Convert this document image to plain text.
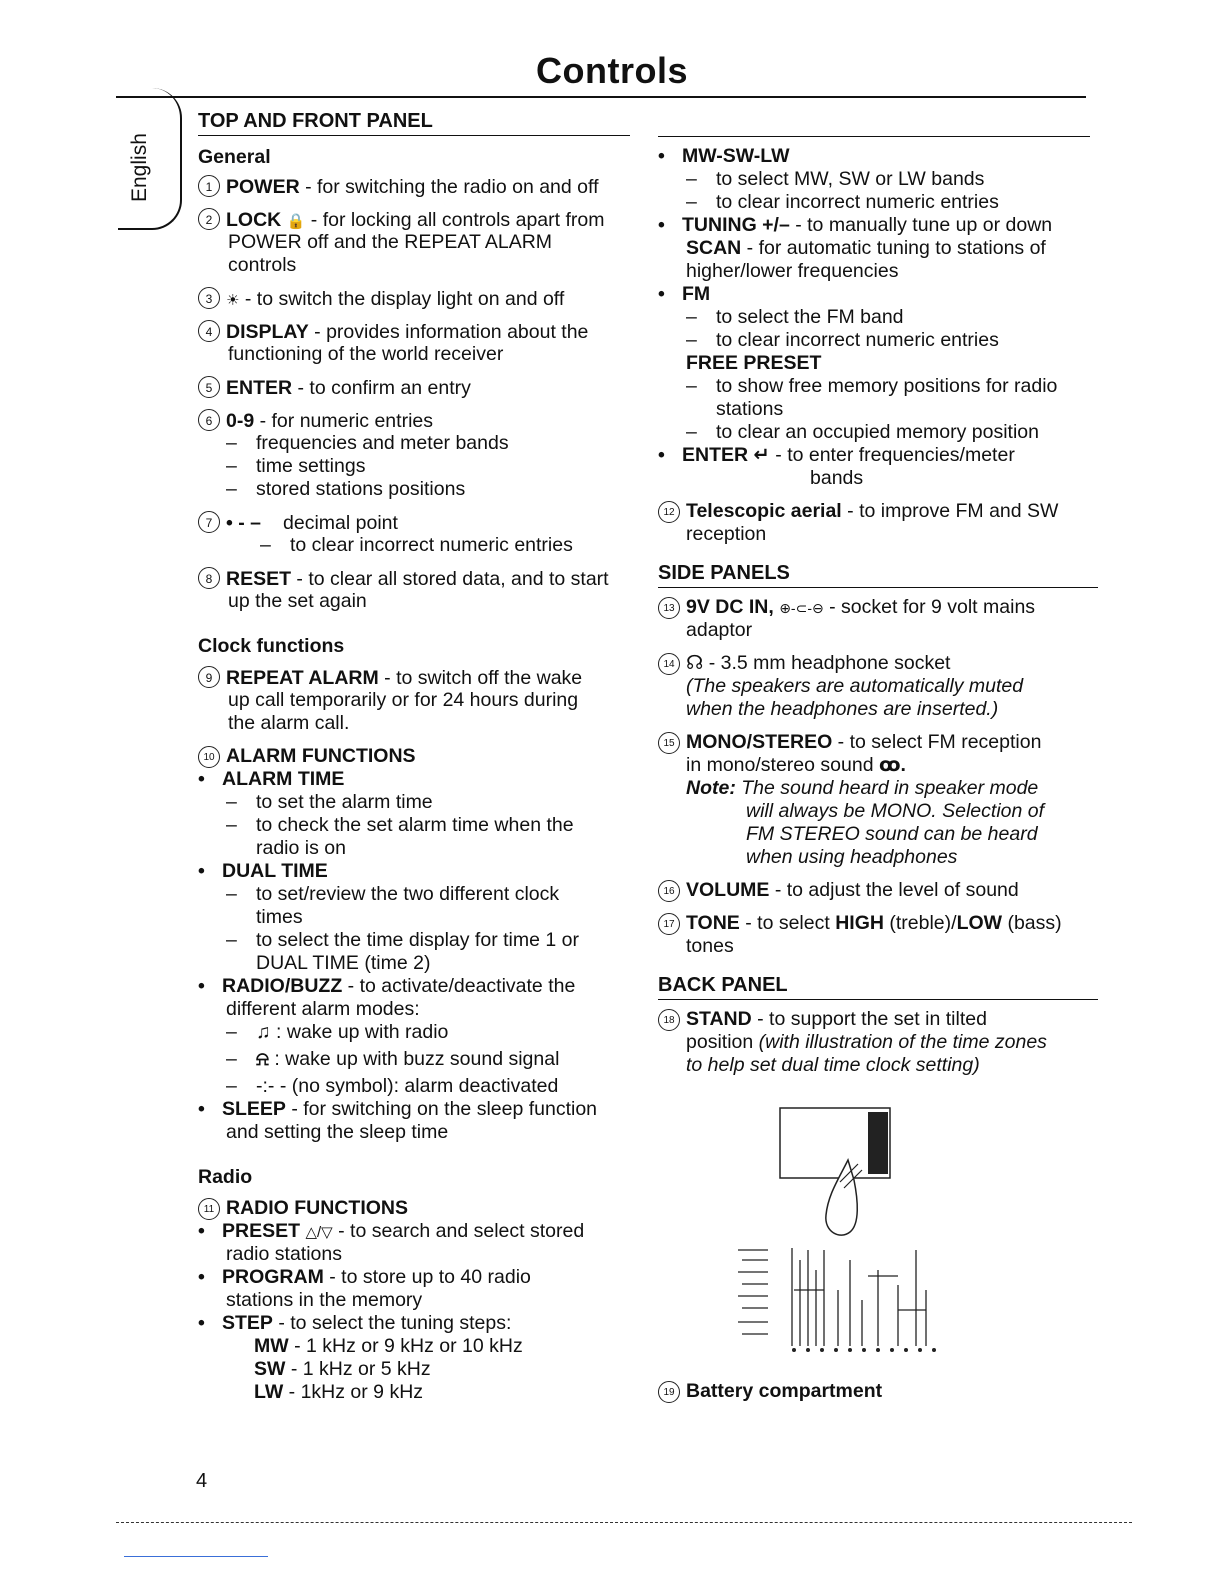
Controls
English
TOP AND FRONT PANEL
General
1 POWER - for switching the radio on and off
2 LOCK 🔒 - for locking all controls apart from
POWER off and the REPEAT ALARM
controls
3 ☀ - to switch the display light on and off
4 DISPLAY - provides information about the
functioning of the world receiver
5 ENTER - to confirm an entry
6 0-9 - for numeric entries
– frequencies and meter bands
– time settings
– stored stations positions
7 • - – decimal point
– to clear incorrect numeric entries
8 RESET - to clear all stored data, and to start
up the set again
Clock functions
9 REPEAT ALARM - to switch off the wake
up call temporarily or for 24 hours during
the alarm call.
10 ALARM FUNCTIONS
• ALARM TIME
– to set the alarm time
– to check the set alarm time when the
radio is on
• DUAL TIME
– to set/review the two different clock
times
– to select the time display for time 1 or
DUAL TIME (time 2)
• RADIO/BUZZ - to activate/deactivate the
different alarm modes:
– ♫ : wake up with radio
– ⍾ : wake up with buzz sound signal
– -:- - (no symbol): alarm deactivated
• SLEEP - for switching on the sleep function
and setting the sleep time
Radio
11 RADIO FUNCTIONS
• PRESET △/▽ - to search and select stored
radio stations
• PROGRAM - to store up to 40 radio
stations in the memory
• STEP - to select the tuning steps:
MW - 1 kHz or 9 kHz or 10 kHz
SW - 1 kHz or 5 kHz
LW - 1kHz or 9 kHz
• MW-SW-LW
– to select MW, SW or LW bands
– to clear incorrect numeric entries
• TUNING +/– - to manually tune up or down
SCAN - for automatic tuning to stations of
higher/lower frequencies
• FM
– to select the FM band
– to clear incorrect numeric entries
FREE PRESET
– to show free memory positions for radio
stations
– to clear an occupied memory position
• ENTER ↵ - to enter frequencies/meter
bands
12 Telescopic aerial - to improve FM and SW
reception
SIDE PANELS
13 9V DC IN, ⊕-⊂-⊖ - socket for 9 volt mains
adaptor
14 ☊ - 3.5 mm headphone socket
(The speakers are automatically muted
when the headphones are inserted.)
15 MONO/STEREO - to select FM reception
in mono/stereo sound ꝏ.
Note: The sound heard in speaker mode
will always be MONO. Selection of
FM STEREO sound can be heard
when using headphones
16 VOLUME - to adjust the level of sound
17 TONE - to select HIGH (treble)/LOW (bass)
tones
BACK PANEL
18 STAND - to support the set in tilted
position (with illustration of the time zones
to help set dual time clock setting)
19 Battery compartment
4
